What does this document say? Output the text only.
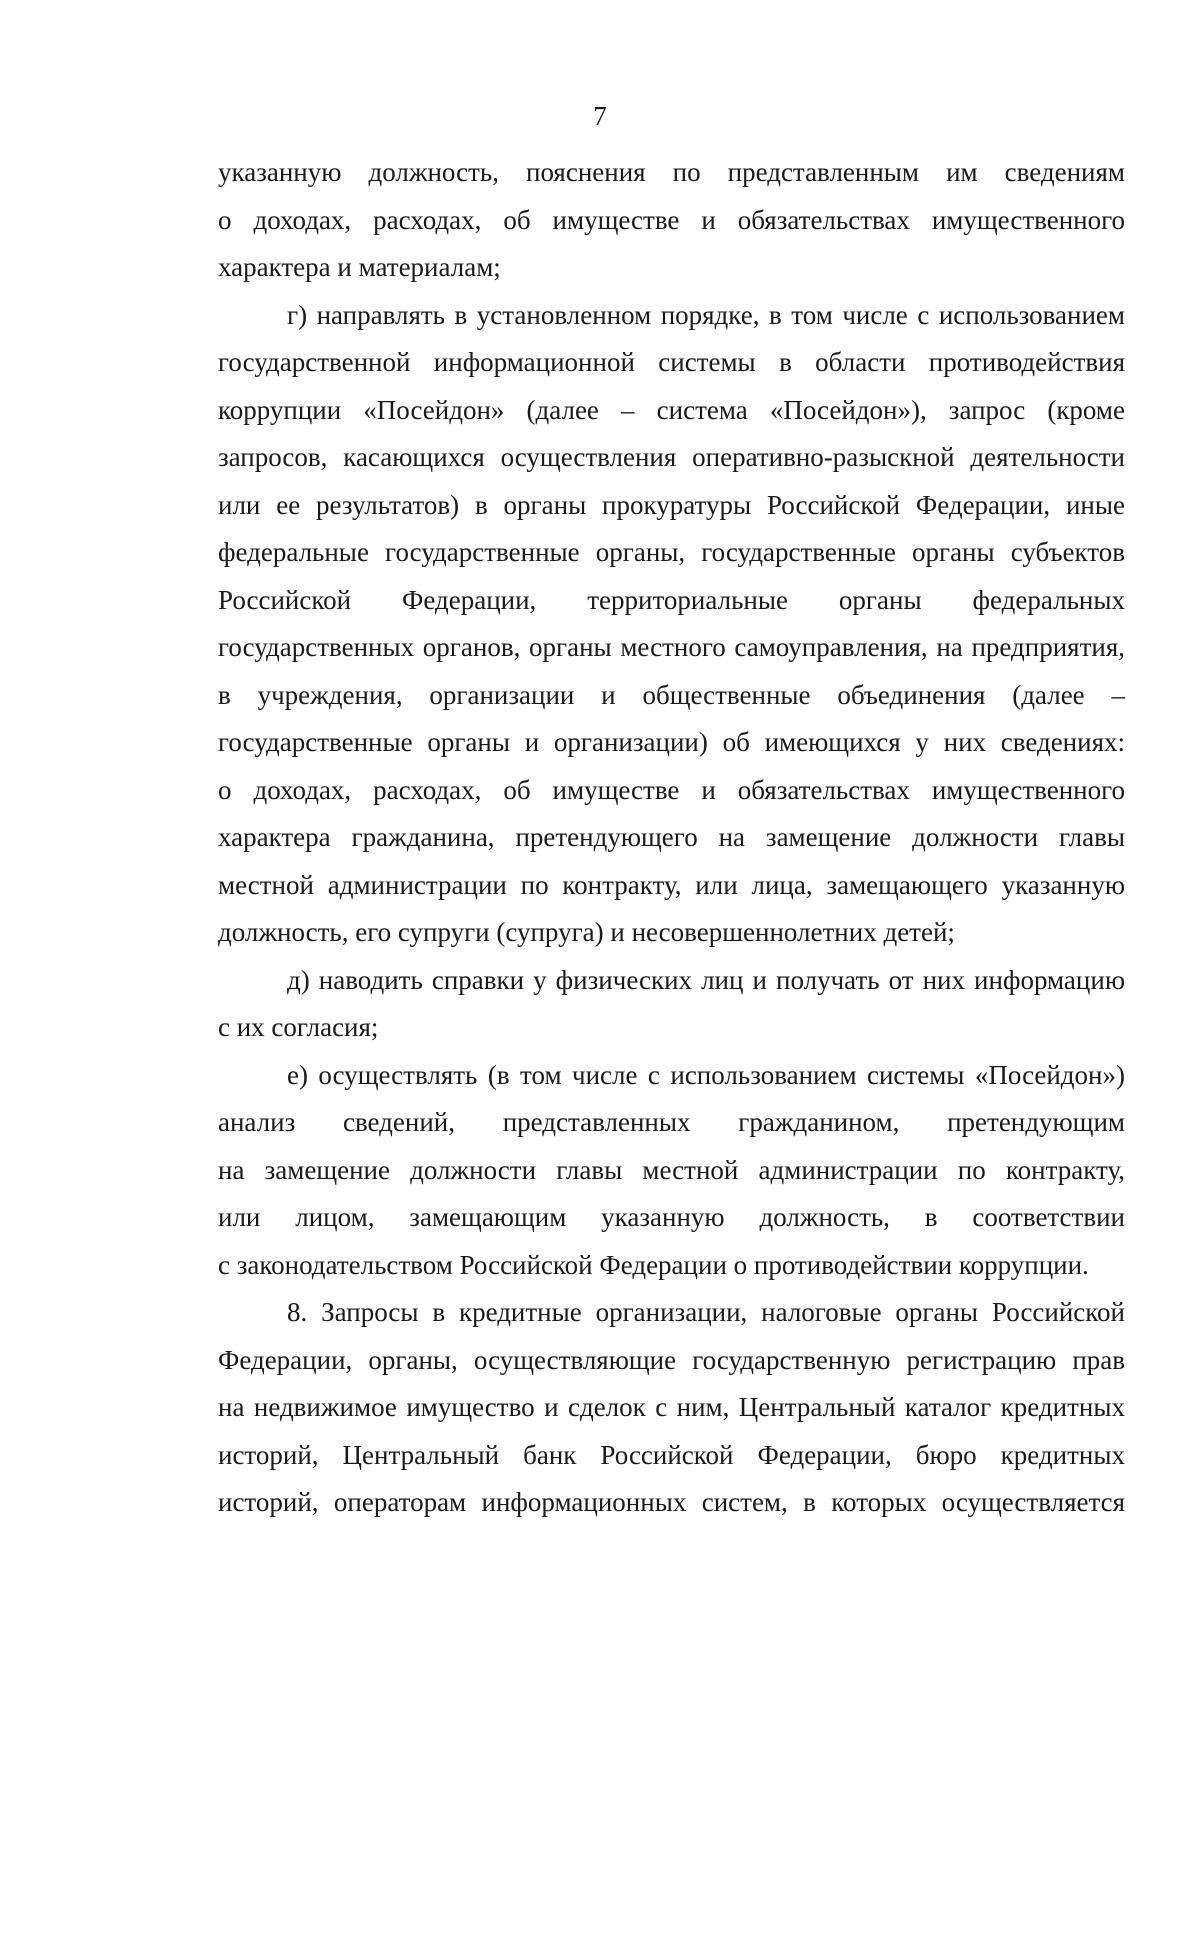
7
указанную должность, пояснения по представленным им сведениям
о доходах, расходах, об имуществе и обязательствах имущественного
характера и материалам;
г) направлять в установленном порядке, в том числе с использованием
государственной информационной системы в области противодействия
коррупции «Посейдон» (далее – система «Посейдон»), запрос (кроме
запросов, касающихся осуществления оперативно-разыскной деятельности
или ее результатов) в органы прокуратуры Российской Федерации, иные
федеральные государственные органы, государственные органы субъектов
Российской Федерации, территориальные органы федеральных
государственных органов, органы местного самоуправления, на предприятия,
в учреждения, организации и общественные объединения (далее –
государственные органы и организации) об имеющихся у них сведениях:
о доходах, расходах, об имуществе и обязательствах имущественного
характера гражданина, претендующего на замещение должности главы
местной администрации по контракту, или лица, замещающего указанную
должность, его супруги (супруга) и несовершеннолетних детей;
д) наводить справки у физических лиц и получать от них информацию
с их согласия;
е) осуществлять (в том числе с использованием системы «Посейдон»)
анализ сведений, представленных гражданином, претендующим
на замещение должности главы местной администрации по контракту,
или лицом, замещающим указанную должность, в соответствии
с законодательством Российской Федерации о противодействии коррупции.
8. Запросы в кредитные организации, налоговые органы Российской
Федерации, органы, осуществляющие государственную регистрацию прав
на недвижимое имущество и сделок с ним, Центральный каталог кредитных
историй, Центральный банк Российской Федерации, бюро кредитных
историй, операторам информационных систем, в которых осуществляется
